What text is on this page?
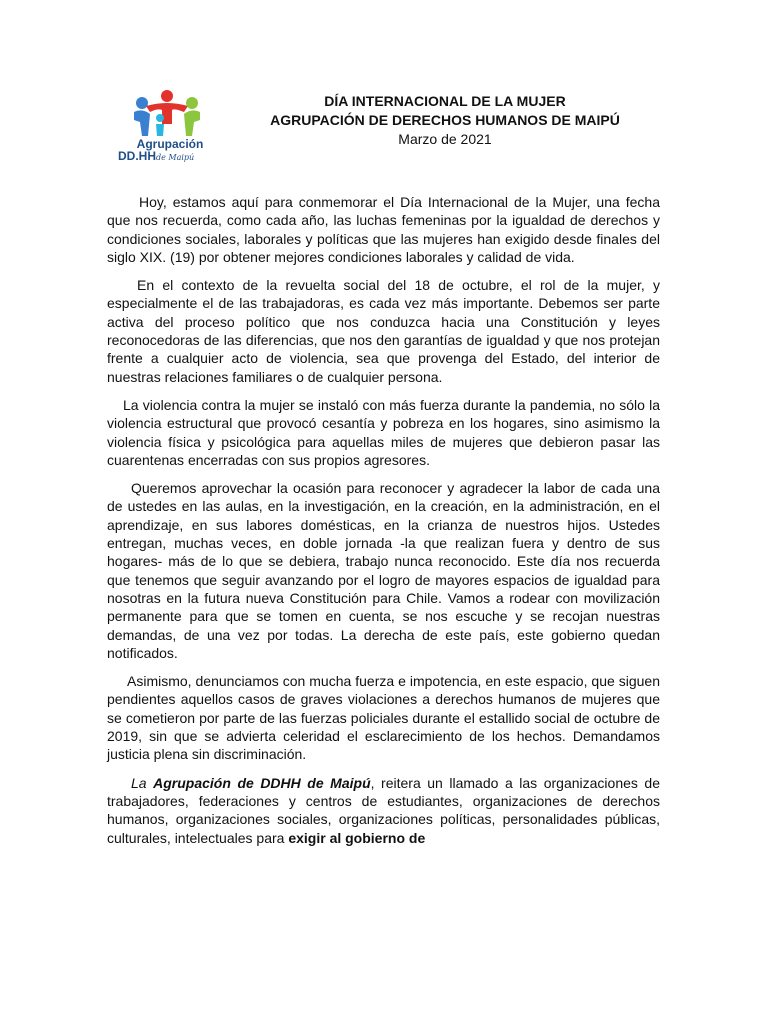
Agrupación
DD.HHde Maipú
DÍA INTERNACIONAL DE LA MUJER
AGRUPACIÓN DE DERECHOS HUMANOS DE MAIPÚ
Marzo de 2021

Hoy, estamos aquí para conmemorar el Día Internacional de la Mujer, una fecha que nos recuerda, como cada año, las luchas femeninas por la igualdad de derechos y condiciones sociales, laborales y políticas que las mujeres han exigido desde finales del siglo XIX. (19) por obtener mejores condiciones laborales y calidad de vida.

En el contexto de la revuelta social del 18 de octubre, el rol de la mujer, y especialmente el de las trabajadoras, es cada vez más importante. Debemos ser parte activa del proceso político que nos conduzca hacia una Constitución y leyes reconocedoras de las diferencias, que nos den garantías de igualdad y que nos protejan frente a cualquier acto de violencia, sea que provenga del Estado, del interior de nuestras relaciones familiares o de cualquier persona.

La violencia contra la mujer se instaló con más fuerza durante la pandemia, no sólo la violencia estructural que provocó cesantía y pobreza en los hogares, sino asimismo la violencia física y psicológica para aquellas miles de mujeres que debieron pasar las cuarentenas encerradas con sus propios agresores.

Queremos aprovechar la ocasión para reconocer y agradecer la labor de cada una de ustedes en las aulas, en la investigación, en la creación, en la administración, en el aprendizaje, en sus labores domésticas, en la crianza de nuestros hijos. Ustedes entregan, muchas veces, en doble jornada -la que realizan fuera y dentro de sus hogares- más de lo que se debiera, trabajo nunca reconocido. Este día nos recuerda que tenemos que seguir avanzando por el logro de mayores espacios de igualdad para nosotras en la futura nueva Constitución para Chile. Vamos a rodear con movilización permanente para que se tomen en cuenta, se nos escuche y se recojan nuestras demandas, de una vez por todas. La derecha de este país, este gobierno quedan notificados.

Asimismo, denunciamos con mucha fuerza e impotencia, en este espacio, que siguen pendientes aquellos casos de graves violaciones a derechos humanos de mujeres que se cometieron por parte de las fuerzas policiales durante el estallido social de octubre de 2019, sin que se advierta celeridad el esclarecimiento de los hechos. Demandamos justicia plena sin discriminación.

La Agrupación de DDHH de Maipú, reitera un llamado a las organizaciones de trabajadores, federaciones y centros de estudiantes, organizaciones de derechos humanos, organizaciones sociales, organizaciones políticas, personalidades públicas, culturales, intelectuales para exigir al gobierno de
